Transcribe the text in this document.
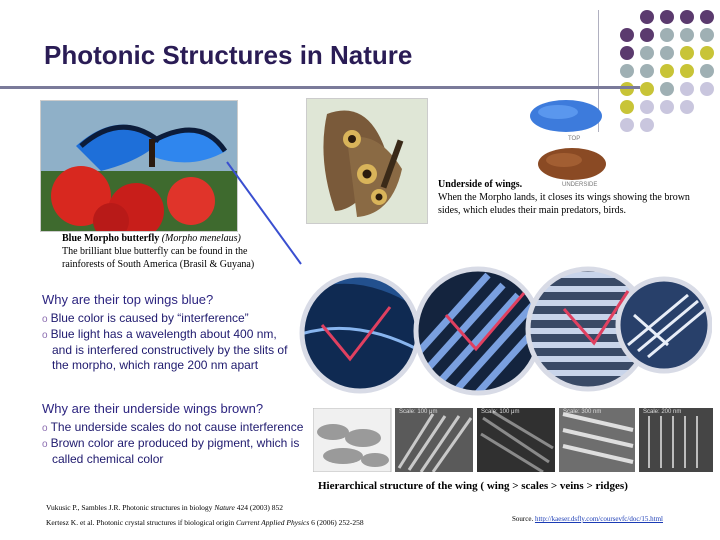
Photonic Structures in Nature
TOP
UNDERSIDE
Underside of wings.
When the Morpho lands, it closes its wings showing the brown sides, which eludes their main predators, birds.
Blue Morpho butterfly (Morpho menelaus)
The brilliant blue butterfly can be found in the rainforests of South America (Brasil & Guyana)
Why are their top wings blue?
o Blue color is caused by “interference”
o Blue light has a wavelength about 400 nm, and is interfered constructively by the slits of the morpho, which range 200 nm apart
Why are their underside wings brown?
o The underside scales do not cause interference
o Brown color are produced by pigment, which is called chemical color
Scale: 100 μm	Scale: 100 μm	Scale: 300 nm	Scale: 200 nm
Hierarchical structure of the wing ( wing > scales > veins > ridges)
Vukusic P., Sambles J.R. Photonic structures in biology Nature 424 (2003) 852
Kertesz K. et al. Photonic crystal structures if biological origin Current Applied Physics 6 (2006) 252-258	Source. http://kaeser.dsfly.com/coursevfc/doc/15.html
